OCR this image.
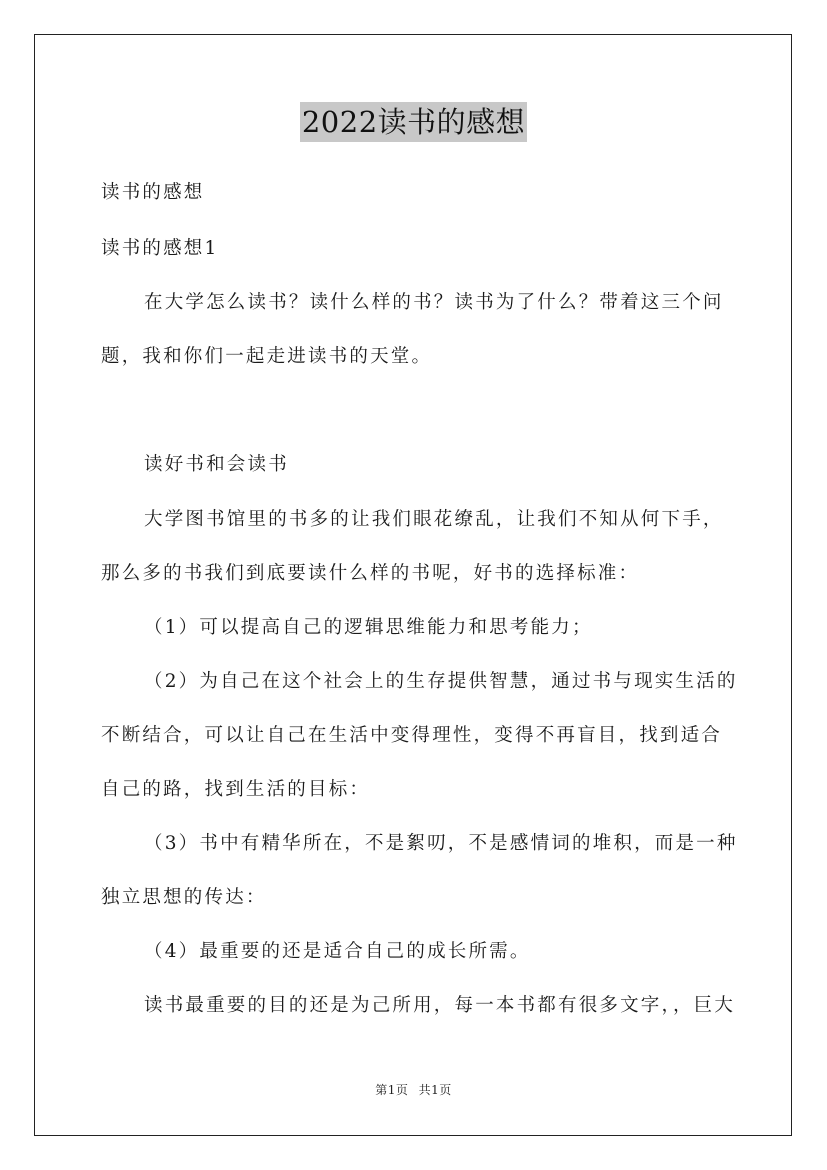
2022读书的感想
读书的感想
读书的感想1
在大学怎么读书？读什么样的书？读书为了什么？带着这三个问
题，我和你们一起走进读书的天堂。
读好书和会读书
大学图书馆里的书多的让我们眼花缭乱，让我们不知从何下手，
那么多的书我们到底要读什么样的书呢，好书的选择标准：
（1）可以提高自己的逻辑思维能力和思考能力；
（2）为自己在这个社会上的生存提供智慧，通过书与现实生活的
不断结合，可以让自己在生活中变得理性，变得不再盲目，找到适合
自己的路，找到生活的目标：
（3）书中有精华所在，不是絮叨，不是感情词的堆积，而是一种
独立思想的传达：
（4）最重要的还是适合自己的成长所需。
读书最重要的目的还是为己所用，每一本书都有很多文字，，巨大
第1页 共1页
